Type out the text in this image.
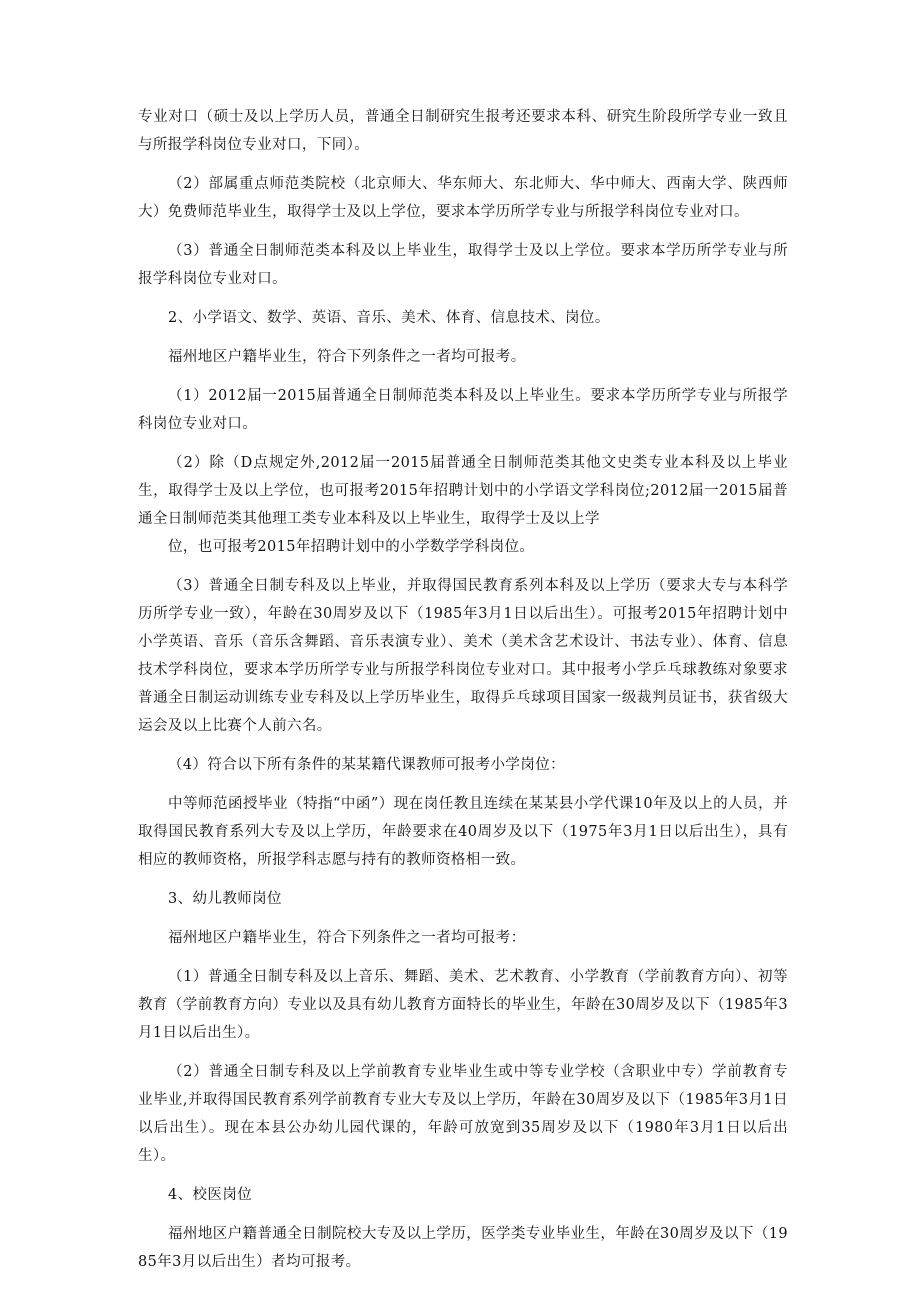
专业对口（硕士及以上学历人员，普通全日制研究生报考还要求本科、研究生阶段所学专业一致且与所报学科岗位专业对口，下同）。

（2）部属重点师范类院校（北京师大、华东师大、东北师大、华中师大、西南大学、陕西师大）免费师范毕业生，取得学士及以上学位，要求本学历所学专业与所报学科岗位专业对口。

（3）普通全日制师范类本科及以上毕业生，取得学士及以上学位。要求本学历所学专业与所报学科岗位专业对口。

2、小学语文、数学、英语、音乐、美术、体育、信息技术、岗位。

福州地区户籍毕业生，符合下列条件之一者均可报考。

（1）2012届一2015届普通全日制师范类本科及以上毕业生。要求本学历所学专业与所报学科岗位专业对口。

（2）除（D点规定外,2012届一2015届普通全日制师范类其他文史类专业本科及以上毕业生，取得学士及以上学位，也可报考2015年招聘计划中的小学语文学科岗位;2012届一2015届普通全日制师范类其他理工类专业本科及以上毕业生，取得学士及以上学

位，也可报考2015年招聘计划中的小学数学学科岗位。

（3）普通全日制专科及以上毕业，并取得国民教育系列本科及以上学历（要求大专与本科学历所学专业一致），年龄在30周岁及以下（1985年3月1日以后出生）。可报考2015年招聘计划中小学英语、音乐（音乐含舞蹈、音乐表演专业）、美术（美术含艺术设计、书法专业）、体育、信息技术学科岗位，要求本学历所学专业与所报学科岗位专业对口。其中报考小学乒乓球教练对象要求普通全日制运动训练专业专科及以上学历毕业生，取得乒乓球项目国家一级裁判员证书，获省级大运会及以上比赛个人前六名。

（4）符合以下所有条件的某某籍代课教师可报考小学岗位：

中等师范函授毕业（特指“中函”）现在岗任教且连续在某某县小学代课10年及以上的人员，并取得国民教育系列大专及以上学历，年龄要求在40周岁及以下（1975年3月1日以后出生），具有相应的教师资格，所报学科志愿与持有的教师资格相一致。

3、幼儿教师岗位

福州地区户籍毕业生，符合下列条件之一者均可报考：

（1）普通全日制专科及以上音乐、舞蹈、美术、艺术教育、小学教育（学前教育方向）、初等教育（学前教育方向）专业以及具有幼儿教育方面特长的毕业生，年龄在30周岁及以下（1985年3月1日以后出生）。

（2）普通全日制专科及以上学前教育专业毕业生或中等专业学校（含职业中专）学前教育专业毕业,并取得国民教育系列学前教育专业大专及以上学历，年龄在30周岁及以下（1985年3月1日以后出生）。现在本县公办幼儿园代课的，年龄可放宽到35周岁及以下（1980年3月1日以后出生）。

4、校医岗位

福州地区户籍普通全日制院校大专及以上学历，医学类专业毕业生，年龄在30周岁及以下（1985年3月以后出生）者均可报考。
